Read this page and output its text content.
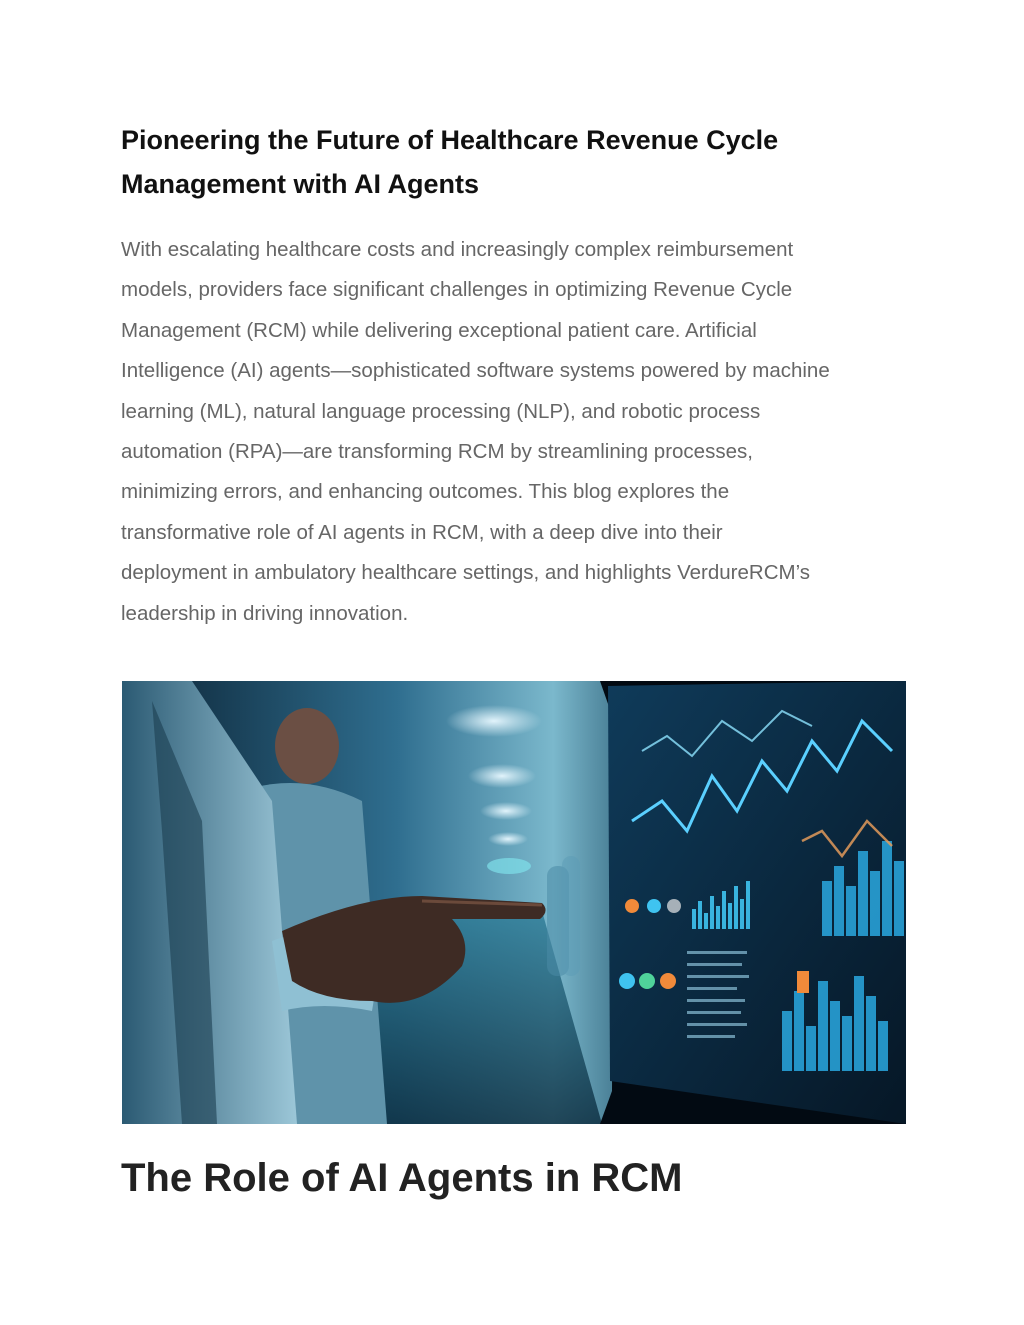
Pioneering the Future of Healthcare Revenue Cycle Management with AI Agents
With escalating healthcare costs and increasingly complex reimbursement
models, providers face significant challenges in optimizing Revenue Cycle
Management (RCM) while delivering exceptional patient care. Artificial
Intelligence (AI) agents—sophisticated software systems powered by machine
learning (ML), natural language processing (NLP), and robotic process
automation (RPA)—are transforming RCM by streamlining processes,
minimizing errors, and enhancing outcomes. This blog explores the
transformative role of AI agents in RCM, with a deep dive into their
deployment in ambulatory healthcare settings, and highlights VerdureRCM’s
leadership in driving innovation.
The Role of AI Agents in RCM
